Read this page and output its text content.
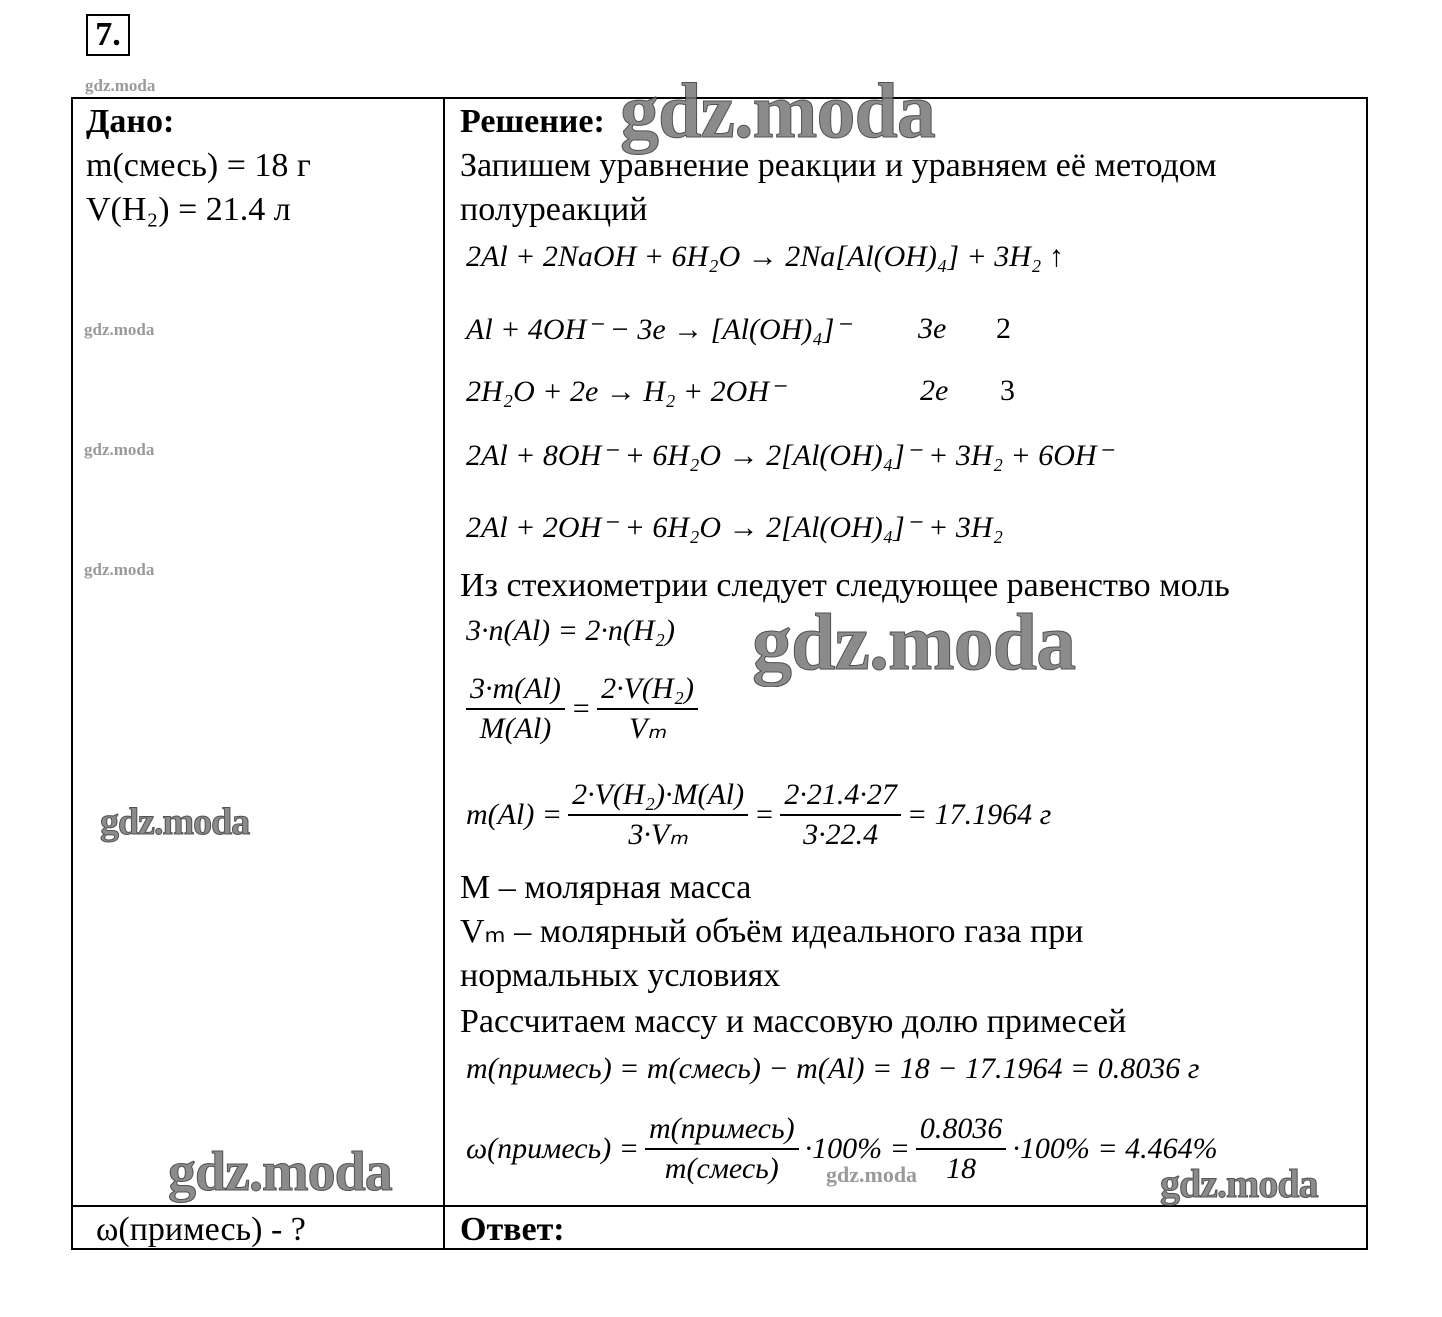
7.
gdz.moda
Дано:
m(смесь) = 18 г
V(H₂) = 21.4 л
ω(примесь) - ?
gdz.moda
gdz.moda
gdz.moda
gdz.moda
gdz.moda
Решение: gdz.moda
Запишем уравнение реакции и уравняем её методом
полуреакций
2Al + 2NaOH + 6H₂O → 2Na[Al(OH)₄] + 3H₂ ↑
Al + 4OH⁻ − 3e → [Al(OH)₄]⁻ 3e 2
2H₂O + 2e → H₂ + 2OH⁻	2e 3
2Al + 8OH⁻ + 6H₂O → 2[Al(OH)₄]⁻ + 3H₂ + 6OH⁻
2Al + 2OH⁻ + 6H₂O → 2[Al(OH)₄]⁻ + 3H₂
Из стехиометрии следует следующее равенство моль
3·n(Al) = 2·n(H₂) gdz.moda
$\frac{3\cdot m(Al)}{M(Al)} = \frac{\text{2·V(H₂)}}{\text{Vₘ}}$
$m(Al) = \frac{\text{2·V(H₂)·M(Al)}}{\text{3·Vₘ}} = \frac{2\cdot 21.4\cdot 27}{3\cdot 22.4} = 17.1964$ г
M – молярная масса
Vₘ – молярный объём идеального газа при
нормальных условиях
Рассчитаем массу и массовую долю примесей
m(примесь) = m(смесь) − m(Al) = 18 − 17.1964 = 0.8036 г
ω(примесь) =
m(примесь)
m(смесь)
$\cdot 100\% = \frac{0.8036}{18} \cdot 100\% = 4.464\%$
gdz.moda	gdz.moda
Ответ:
